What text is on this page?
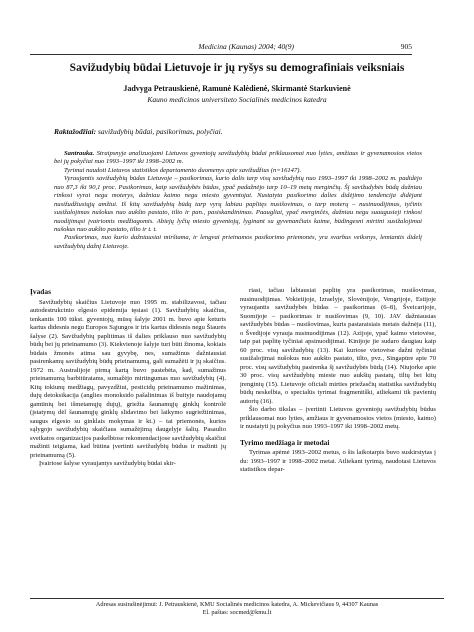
Medicina (Kaunas) 2004; 40(9)	905
Savižudybių būdai Lietuvoje ir jų ryšys su demografiniais veiksniais
Jadvyga Petrauskienė, Ramunė Kalėdienė, Skirmantė Starkuvienė
Kauno medicinos universiteto Socialinės medicinos katedra
Raktažodžiai: savižudybių būdai, pasikorimas, polyčiai.

Santrauka. Straipsnyje analizuojami Lietuvos gyventojų savižudybių būdai priklausomai nuo lyties, amžiaus ir gyvenamosios vietos bei jų pokyčiai nuo 1993–1997 iki 1998–2002 m.

Tyrimui naudoti Lietuvos statistikos departamento duomenys apie savižudžius (n=16147).

Vyraujantis savižudybių būdas Lietuvoje – pasikorimas, kurio dalis tarp visų savižudybių nuo 1993–1997 iki 1998–2002 m. padidėjo nuo 87,3 iki 90,1 proc. Pasikorimas, kaip savižudybės būdas, ypač padažnėjo tarp 10–19 metų merginčių. Šį savižudybės būdą dažniau rinkosi vyrai negu moterys, dažniau kaimo negu miesto gyventojai. Nustatyta pasikorimo dalies didėjimo tendencija didėjant nusižudžiusiųjų amžiui. Iš kitų savižudybių būdų tarp vyrų labiau paplitęs nusišovimas, o tarp moterų – nusinuodijimas, tyčinis susižalojimas nušokus nuo aukšto pastato, tilto ir pan., pasiskandinimas. Paaugliai, ypač merginčės, dažniau negu suaugusieji rinkosi nuodijimąsi įvairiomis medžiagomis. Abiejų lyčių miesto gyventojų, lyginant su gyvenančiais kaime, būdingesni mirtini susižalojimai nušokus nuo aukšto pastato, tilto ir t. t.

Pasikorimas, nuo kurio dažniausiai mirštama, ir lengvai prieinamos pasikorimo priemonės, yra svarbus veiksnys, lemiantis didelį savižudybių dažnį Lietuvoje.

Įvadas

Savižudybių skaičius Lietuvoje nuo 1995 m. stabilizavosi, tačiau autodestrukcinio elgesio epidemija tęsiasi (1). Savižudybių skaičius, tenkantis 100 tūkst. gyventojų, mūsų šalyje 2001 m. buvo apie keturis kartus didesnis negu Europos Sąjungos ir tris kartus didesnis negu Šiaurės šalyse (2). Savižudybių paplitimas iš dalies priklauso nuo savižudybių būdų bei jų prieinamumo (3). Kiekvienoje šalyje turi būti žinoma, kokiais būdais žmonės atima sau gyvybę, nes, sumažinus dažniausiai pasirenkamų savižudybių būdų prieinamumą, gali sumažėti ir jų skaičius. 1972 m. Australijoje pirmą kartą buvo pastebėta, kad, sumažinus prieinamumą barbitūratams, sumažėjo mirtingumas nuo savižudybių (4). Kitų tokiunų medžiagų, pavyzdžiui, pesticidų prieinamumo mažinimas, dujų detoksikacija (anglies monoksido pašalinimas iš buityje naudojamų gamtinių bei išmetamųjų dujų), griežta šaunamųjų ginklų kontrolė (įstatymų dėl šaunamųjų ginklų slidavimo bei laikymo sugriežtinimas, saugus elgesio su ginklais mokymas ir kt.) – tai priemonės, kurios sąlygojo savižudybių skaičiaus sumažėjimą daugelyje šalių. Pasaulio sveikatos organizacijos paskelbtose rekomendacijose savižudybių skaičiui mažinti teigiama, kad būtina įvertinti savižudybių būdus ir mažinti jų prieinamumą (5).

Įvairiose šalyse vyraujantys savižudybių būdai skir-

riasi, tačiau labiausiai paplitę yra pasikorimas, nusišovimas, nusinuodijimas. Vokietijoje, Izraelyje, Slovėnijoje, Vengrijoje, Estijoje vyraujantis savižudybės būdas – pasikorimas (6–8), Šveicarijoje, Suomijoje – pasikorimas ir nusišovimas (9, 10). JAV dažniausias savižudybės būdas – nusišovimas, kuris pastaraisiais metais dažnėja (11), o Švedijoje vyrauja nusinuodijimas (12). Azijoje, ypač kaimo vietovėse, taip pat paplitę tyčiniai apsinuodijimai. Kinijoje jie sudaro daugiau kaip 60 proc. visų savižudybių (13). Kai kuriose vietovėse dažni tyčiniai susižalojimai nušokus nuo aukšto pastato, tilto, pvz., Singapūre apie 70 proc. visų savižudybių pasirenka šį savižudybės būdą (14). Niujorke apie 30 proc. visų savižudybių mieste nuo aukštų pastatų, tiltų bei kitų įrenginių (15). Lietuvoje oficiali mirties priežasčių statistika savižudybių būdų neskelbia, o specialūs tyrimai fragmentiški, atliekami tik pavienių autorių (16).

Šio darbo tikslas – įvertinti Lietuvos gyventojų savižudybių būdus priklausomai nuo lyties, amžiaus ir gyvenamosios vietos (miesto, kaimo) ir nustatyti jų pokyčius nuo 1993–1997 iki 1998–2002 metų.

Tyrimo medžiaga ir metodai

Tyrimas apėmė 1993–2002 metus, o šis laikotarpis buvo suskirstytas į du: 1993–1997 ir 1998–2002 metai. Atliekant tyrimą, naudotasi Lietuvos statistikos depar-

Adresas susirašinėjimui: J. Petrauskienė, KMU Socialinės medicinos katedra, A. Mickevičiaus 9, 44307 Kaunas
El. paštas: socmed@kmu.lt
